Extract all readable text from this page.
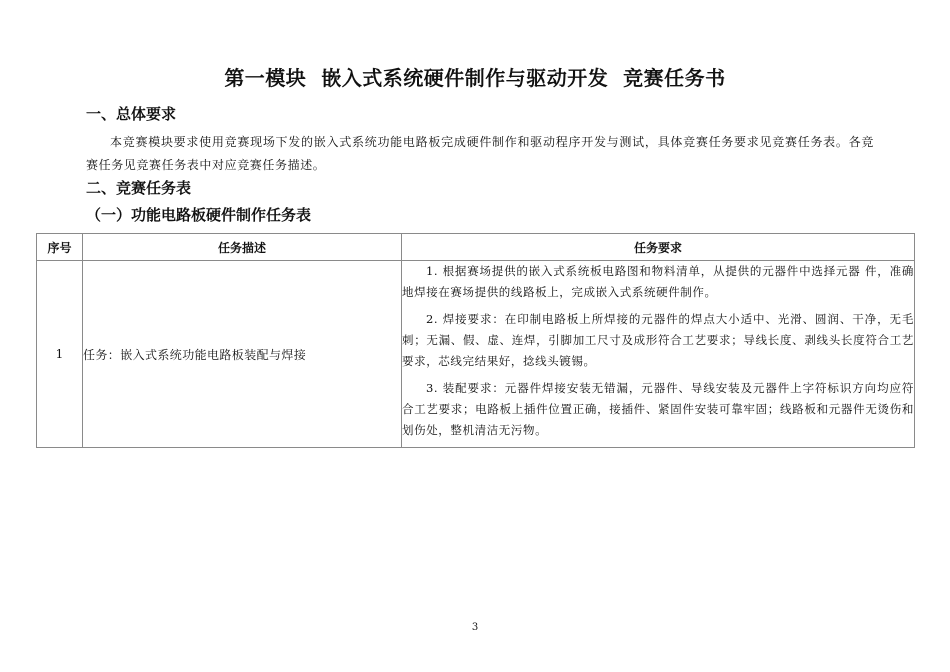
第一模块  嵌入式系统硬件制作与驱动开发  竞赛任务书
一、总体要求

本竞赛模块要求使用竞赛现场下发的嵌入式系统功能电路板完成硬件制作和驱动程序开发与测试，具体竞赛任务要求见竞赛任务表。各竞赛任务见竞赛任务表中对应竞赛任务描述。

二、竞赛任务表
（一）功能电路板硬件制作任务表
序号	任务描述	任务要求
1	任务：嵌入式系统功能电路板装配与焊接	1. 根据赛场提供的嵌入式系统板电路图和物料清单，从提供的元器件中选择元器 件，准确地焊接在赛场提供的线路板上，完成嵌入式系统硬件制作。

2. 焊接要求：在印制电路板上所焊接的元器件的焊点大小适中、光滑、圆润、干净，无毛刺；无漏、假、虚、连焊，引脚加工尺寸及成形符合工艺要求；导线长度、剥线头长度符合工艺要求，芯线完结果好，捻线头镀锡。

3. 装配要求：元器件焊接安装无错漏，元器件、导线安装及元器件上字符标识方向均应符合工艺要求；电路板上插件位置正确，接插件、紧固件安装可靠牢固；线路板和元器件无烫伤和划伤处，整机清洁无污物。

3
